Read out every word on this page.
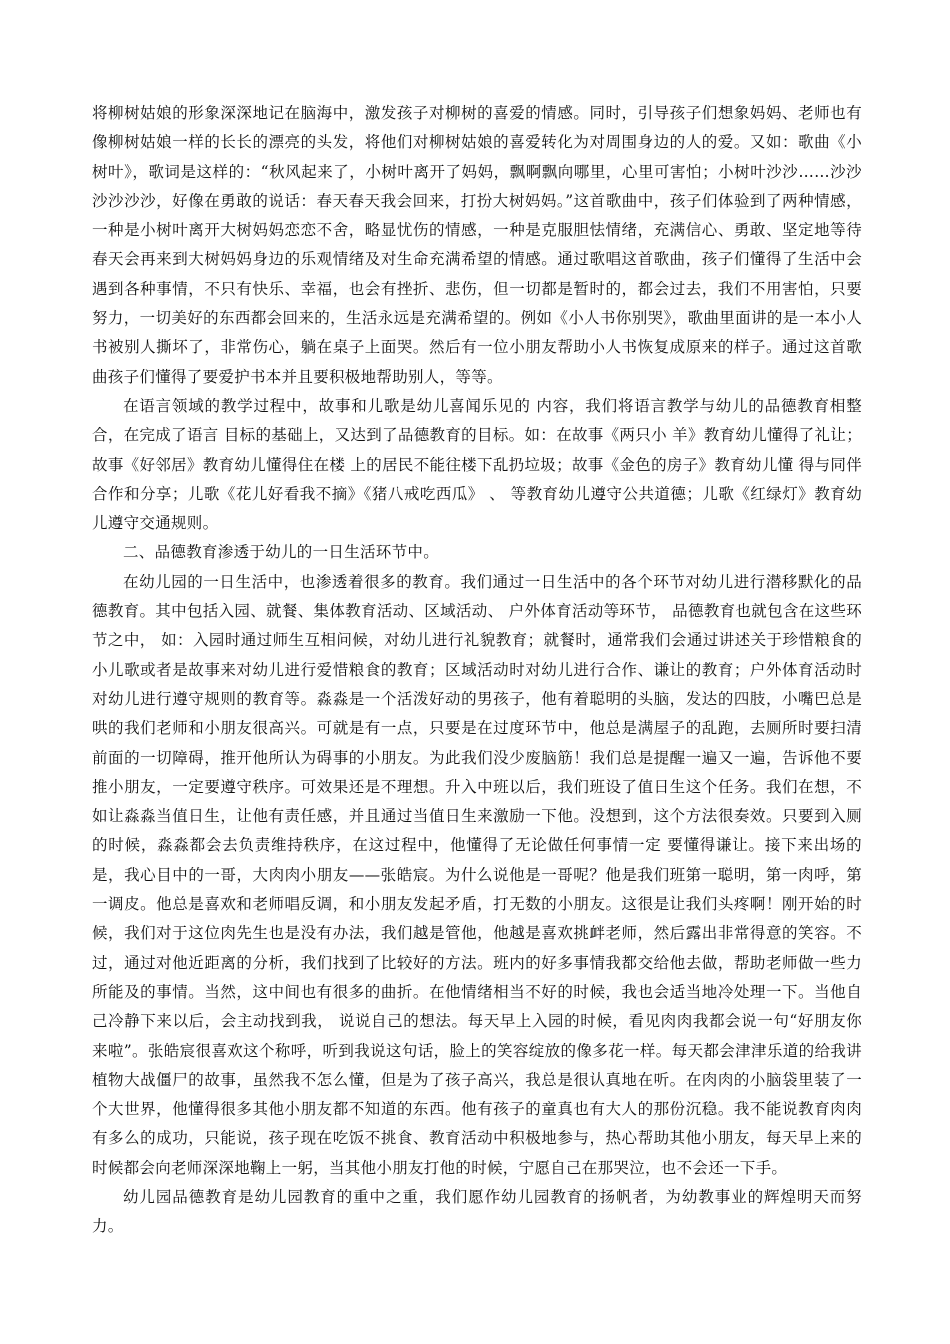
将柳树姑娘的形象深深地记在脑海中，激发孩子对柳树的喜爱的情感。同时，引导孩子们想象妈妈、老师也有像柳树姑娘一样的长长的漂亮的头发，将他们对柳树姑娘的喜爱转化为对周围身边的人的爱。又如：歌曲《小树叶》，歌词是这样的：“秋风起来了，小树叶离开了妈妈，飘啊飘向哪里，心里可害怕；小树叶沙沙……沙沙沙沙沙沙，好像在勇敢的说话：春天春天我会回来，打扮大树妈妈。”这首歌曲中，孩子们体验到了两种情感，一种是小树叶离开大树妈妈恋恋不舍，略显忧伤的情感，一种是克服胆怯情绪，充满信心、勇敢、坚定地等待春天会再来到大树妈妈身边的乐观情绪及对生命充满希望的情感。通过歌唱这首歌曲，孩子们懂得了生活中会遇到各种事情，不只有快乐、幸福，也会有挫折、悲伤，但一切都是暂时的，都会过去，我们不用害怕，只要努力，一切美好的东西都会回来的，生活永远是充满希望的。例如《小人书你别哭》，歌曲里面讲的是一本小人书被别人撕坏了，非常伤心，躺在桌子上面哭。然后有一位小朋友帮助小人书恢复成原来的样子。通过这首歌曲孩子们懂得了要爱护书本并且要积极地帮助别人，等等。

在语言领域的教学过程中，故事和儿歌是幼儿喜闻乐见的 内容，我们将语言教学与幼儿的品德教育相整合，在完成了语言 目标的基础上，又达到了品德教育的目标。如：在故事《两只小 羊》教育幼儿懂得了礼让；故事《好邻居》教育幼儿懂得住在楼 上的居民不能往楼下乱扔垃圾；故事《金色的房子》教育幼儿懂 得与同伴合作和分享；儿歌《花儿好看我不摘》《猪八戒吃西瓜》 、 等教育幼儿遵守公共道德；儿歌《红绿灯》教育幼儿遵守交通规则。

二、品德教育渗透于幼儿的一日生活环节中。

在幼儿园的一日生活中，也渗透着很多的教育。我们通过一日生活中的各个环节对幼儿进行潜移默化的品德教育。其中包括入园、就餐、集体教育活动、区域活动、 户外体育活动等环节， 品德教育也就包含在这些环节之中， 如：入园时通过师生互相问候，对幼儿进行礼貌教育；就餐时，通常我们会通过讲述关于珍惜粮食的小儿歌或者是故事来对幼儿进行爱惜粮食的教育；区域活动时对幼儿进行合作、谦让的教育；户外体育活动时对幼儿进行遵守规则的教育等。淼淼是一个活泼好动的男孩子，他有着聪明的头脑，发达的四肢，小嘴巴总是哄的我们老师和小朋友很高兴。可就是有一点，只要是在过度环节中，他总是满屋子的乱跑，去厕所时要扫清前面的一切障碍，推开他所认为碍事的小朋友。为此我们没少废脑筋！我们总是提醒一遍又一遍，告诉他不要推小朋友，一定要遵守秩序。可效果还是不理想。升入中班以后，我们班设了值日生这个任务。我们在想，不如让淼淼当值日生，让他有责任感，并且通过当值日生来激励一下他。没想到，这个方法很奏效。只要到入厕的时候，淼淼都会去负责维持秩序，在这过程中，他懂得了无论做任何事情一定 要懂得谦让。接下来出场的是，我心目中的一哥，大肉肉小朋友——张皓宸。为什么说他是一哥呢？他是我们班第一聪明，第一肉呼，第一调皮。他总是喜欢和老师唱反调，和小朋友发起矛盾，打无数的小朋友。这很是让我们头疼啊！刚开始的时候，我们对于这位肉先生也是没有办法，我们越是管他，他越是喜欢挑衅老师，然后露出非常得意的笑容。不过，通过对他近距离的分析，我们找到了比较好的方法。班内的好多事情我都交给他去做，帮助老师做一些力所能及的事情。当然，这中间也有很多的曲折。在他情绪相当不好的时候，我也会适当地冷处理一下。当他自己冷静下来以后，会主动找到我， 说说自己的想法。每天早上入园的时候，看见肉肉我都会说一句“好朋友你来啦”。张皓宸很喜欢这个称呼，听到我说这句话，脸上的笑容绽放的像多花一样。每天都会津津乐道的给我讲植物大战僵尸的故事，虽然我不怎么懂，但是为了孩子高兴，我总是很认真地在听。在肉肉的小脑袋里装了一个大世界，他懂得很多其他小朋友都不知道的东西。他有孩子的童真也有大人的那份沉稳。我不能说教育肉肉有多么的成功，只能说，孩子现在吃饭不挑食、教育活动中积极地参与，热心帮助其他小朋友，每天早上来的时候都会向老师深深地鞠上一躬，当其他小朋友打他的时候，宁愿自己在那哭泣，也不会还一下手。

幼儿园品德教育是幼儿园教育的重中之重，我们愿作幼儿园教育的扬帆者，为幼教事业的辉煌明天而努力。
